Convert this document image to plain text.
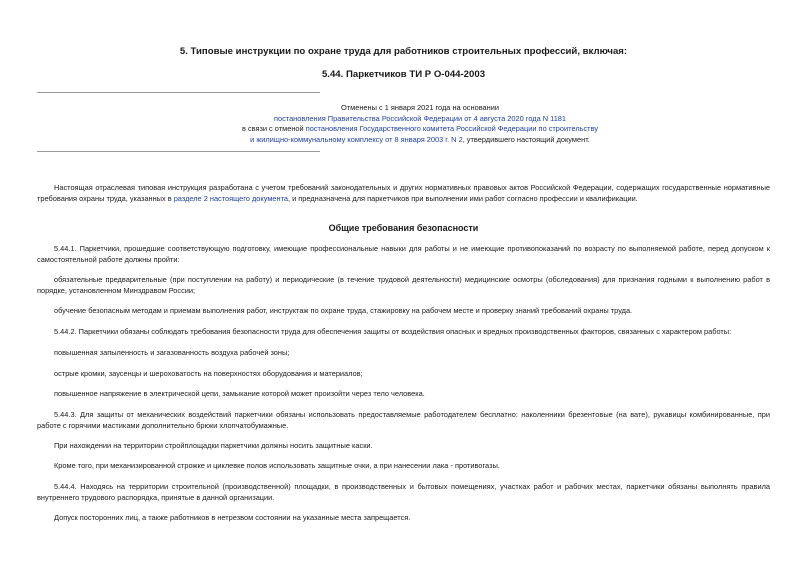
5. Типовые инструкции по охране труда для работников строительных профессий, включая:
5.44. Паркетчиков ТИ Р О-044-2003
Отменены с 1 января 2021 года на основании
постановления Правительства Российской Федерации от 4 августа 2020 года N 1181
в связи с отменой постановления Государственного комитета Российской Федерации по строительству
и жилищно-коммунальному комплексу от 8 января 2003 г. N 2, утвердившего настоящий документ.
Настоящая отраслевая типовая инструкция разработана с учетом требований законодательных и других нормативных правовых актов Российской Федерации, содержащих государственные нормативные требования охраны труда, указанных в разделе 2 настоящего документа, и предназначена для паркетчиков при выполнении ими работ согласно профессии и квалификации.
Общие требования безопасности
5.44.1. Паркетчики, прошедшие соответствующую подготовку, имеющие профессиональные навыки для работы и не имеющие противопоказаний по возрасту по выполняемой работе, перед допуском к самостоятельной работе должны пройти:
обязательные предварительные (при поступлении на работу) и периодические (в течение трудовой деятельности) медицинские осмотры (обследования) для признания годными к выполнению работ в порядке, установленном Минздравом России;
обучение безопасным методам и приемам выполнения работ, инструктаж по охране труда, стажировку на рабочем месте и проверку знаний требований охраны труда.
5.44.2. Паркетчики обязаны соблюдать требования безопасности труда для обеспечения защиты от воздействия опасных и вредных производственных факторов, связанных с характером работы:
повышенная запыленность и загазованность воздуха рабочей зоны;
острые кромки, заусенцы и шероховатость на поверхностях оборудования и материалов;
повышенное напряжение в электрической цепи, замыкание которой может произойти через тело человека.
5.44.3. Для защиты от механических воздействий паркетчики обязаны использовать предоставляемые работодателем бесплатно: наколенники брезентовые (на вате), рукавицы комбинированные, при работе с горячими мастиками дополнительно брюки хлопчатобумажные.
При нахождении на территории стройплощадки паркетчики должны носить защитные каски.
Кроме того, при механизированной строжке и циклевке полов использовать защитные очки, а при нанесении лака - противогазы.
5.44.4. Находясь на территории строительной (производственной) площадки, в производственных и бытовых помещениях, участках работ и рабочих местах, паркетчики обязаны выполнять правила внутреннего трудового распорядка, принятые в данной организации.
Допуск посторонних лиц, а также работников в нетрезвом состоянии на указанные места запрещается.
